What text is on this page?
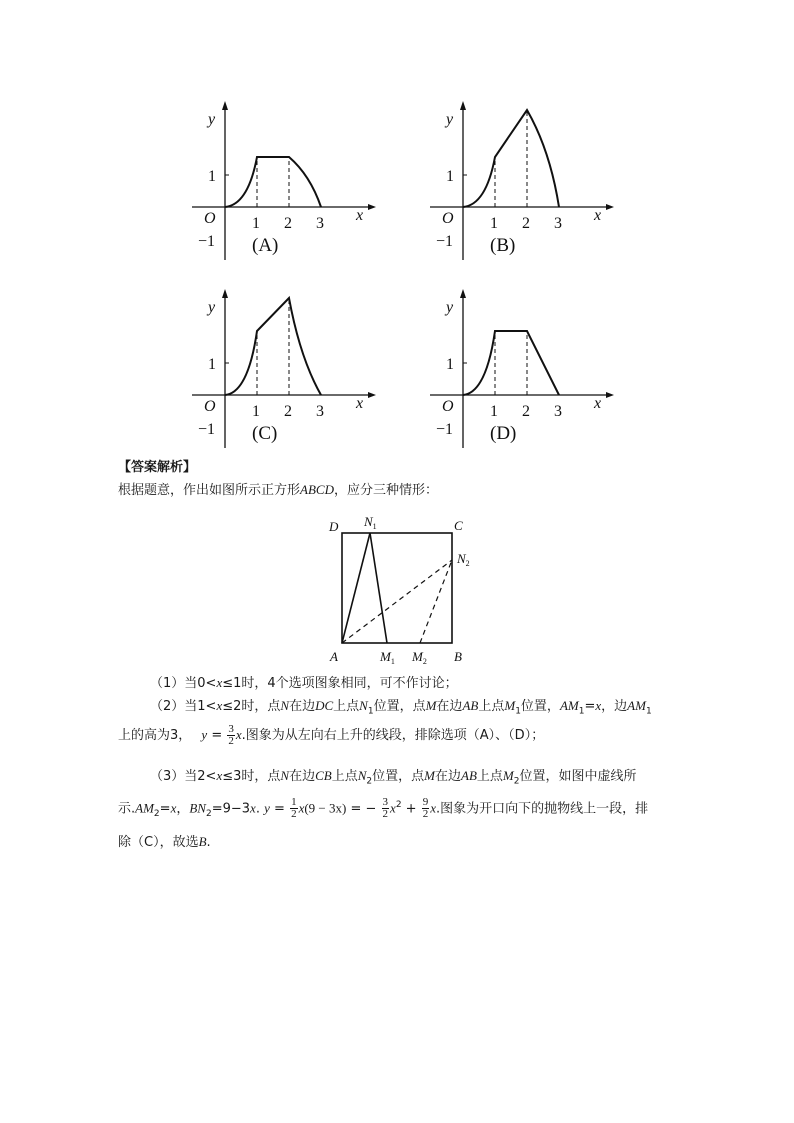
y
x
O
1
−1
1 2 3
(A)
y
x
O
1
−1
1 2 3
(B)
y
x
O
1
−1
1 2 3
(C)
y
x
O
1
−1
1 2 3
(D)
【答案解析】
根据题意，作出如图所示正方形ABCD，应分三种情形：
D $N_1$	C
$N_2$
A	$M_1$ $M_2$ B
（1）当0<x≤1时，4个选项图象相同，可不作讨论；
（2）当1<x≤2时，点N在边DC上点$N_1$位置，点M在边AB上点$M_1$位置，$AM_1=x$，边$AM_1$
上的高为3， $y = \frac{3}{2} x$.图象为从左向右上升的线段，排除选项（A）、（D）；
（3）当2<x≤3时，点N在边CB上点$N_2$位置，点M在边AB上点$M_2$位置，如图中虚线所
示$.AM_2=x$，$BN_2=9-3x$. $y = \frac{1}{2} x(9 - 3x)$ = − $\frac{3}{2} x^2 + \frac{9}{2} x$.图象为开口向下的抛物线上一段，排
除（C），故选B.
